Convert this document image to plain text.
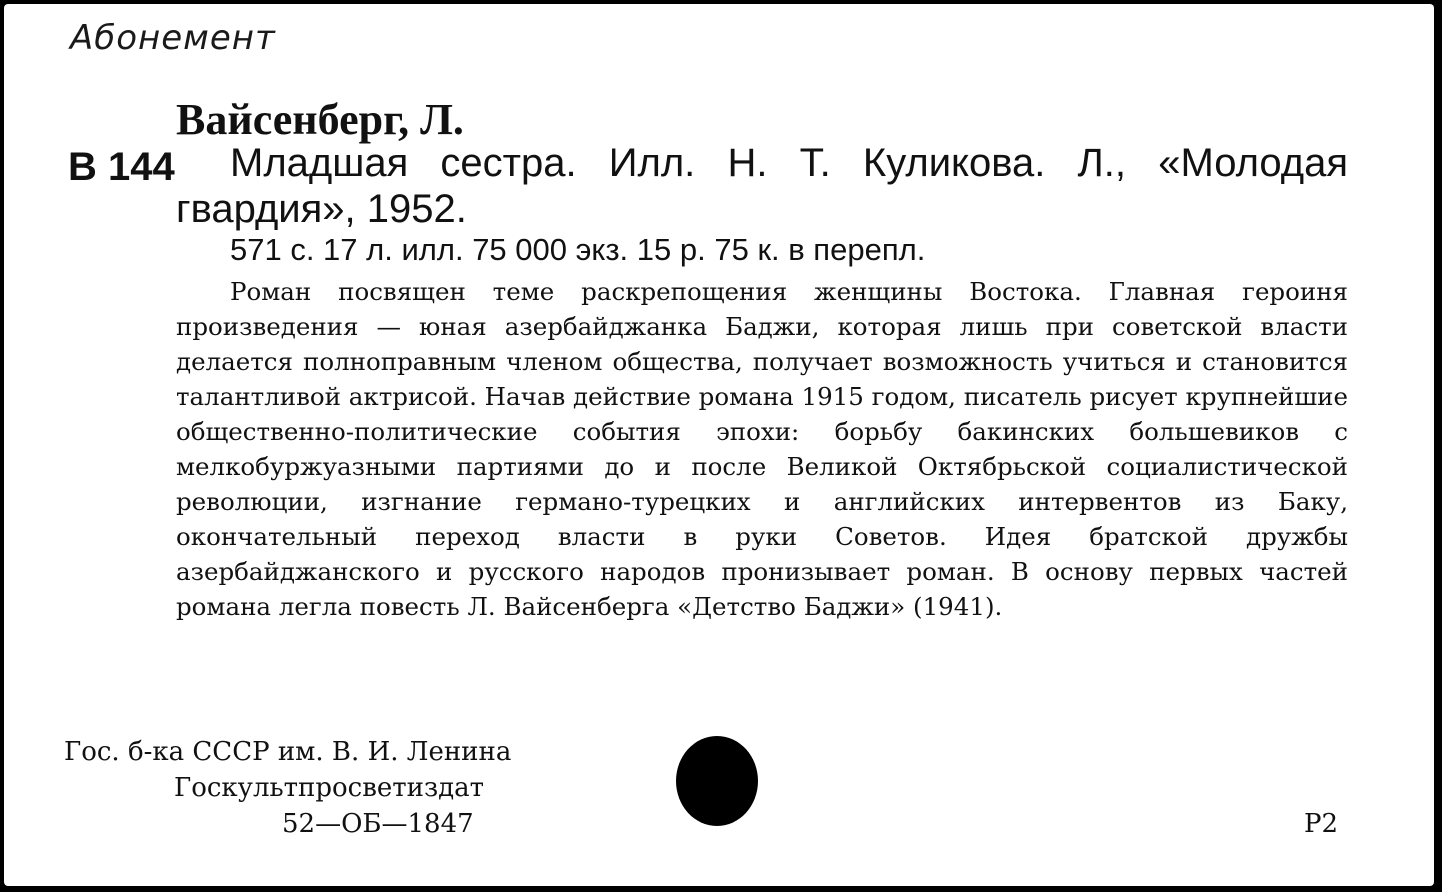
Абонемент
Вайсенберг, Л.
В 144	Младшая сестра. Илл. Н. Т. Куликова. Л., «Молодая гвардия», 1952.
571 с. 17 л. илл. 75 000 экз. 15 р. 75 к. в перепл.
Роман посвящен теме раскрепощения женщины Востока. Главная героиня произведения — юная азербайджанка Баджи, которая лишь при советской власти делается полноправным членом общества, получает возможность учиться и становится талантливой актрисой. Начав действие романа 1915 годом, писатель рисует крупнейшие общественно-политические события эпохи: борьбу бакинских большевиков с мелкобуржуазными партиями до и после Великой Октябрьской социалистической революции, изгнание германо-турецких и английских интервентов из Баку, окончательный переход власти в руки Советов. Идея братской дружбы азербайджанского и русского народов пронизывает роман. В основу первых частей романа легла повесть Л. Вайсенберга «Детство Баджи» (1941).
Гос. б-ка СССР им. В. И. Ленина
Госкультпросветиздат
52—ОБ—1847	Р2
